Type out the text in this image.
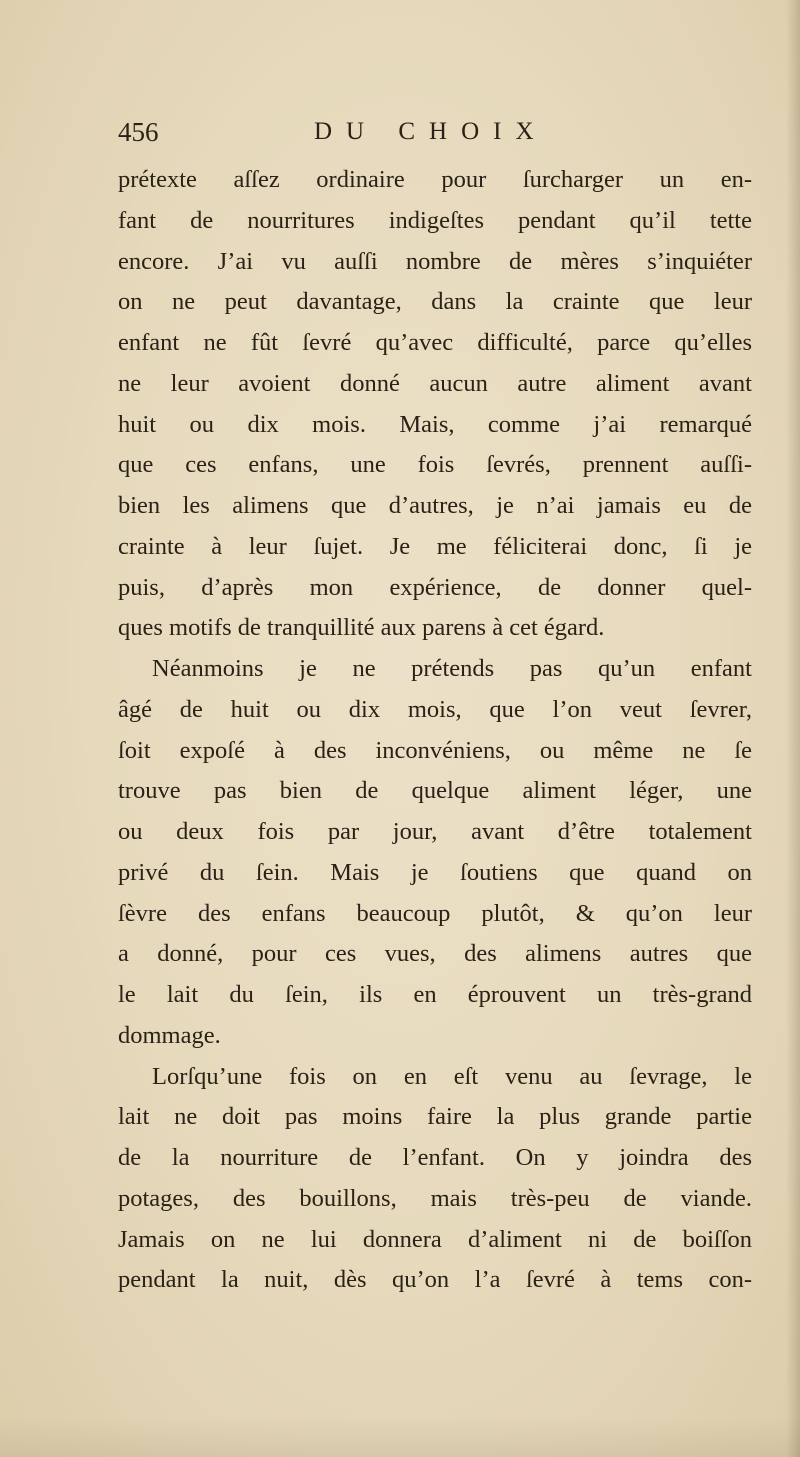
456	DU CHOIX
prétexte aſſez ordinaire pour ſurcharger un en-
fant de nourritures indigeſtes pendant qu’il tette
encore. J’ai vu auſſi nombre de mères s’inquiéter
on ne peut davantage, dans la crainte que leur
enfant ne fût ſevré qu’avec difficulté, parce qu’elles
ne leur avoient donné aucun autre aliment avant
huit ou dix mois. Mais, comme j’ai remarqué
que ces enfans, une fois ſevrés, prennent auſſi-
bien les alimens que d’autres, je n’ai jamais eu de
crainte à leur ſujet. Je me féliciterai donc, ſi je
puis, d’après mon expérience, de donner quel-
ques motifs de tranquillité aux parens à cet égard.
Néanmoins je ne prétends pas qu’un enfant
âgé de huit ou dix mois, que l’on veut ſevrer,
ſoit expoſé à des inconvéniens, ou même ne ſe
trouve pas bien de quelque aliment léger, une
ou deux fois par jour, avant d’être totalement
privé du ſein. Mais je ſoutiens que quand on
ſèvre des enfans beaucoup plutôt, & qu’on leur
a donné, pour ces vues, des alimens autres que
le lait du ſein, ils en éprouvent un très-grand
dommage.
Lorſqu’une fois on en eſt venu au ſevrage, le
lait ne doit pas moins faire la plus grande partie
de la nourriture de l’enfant. On y joindra des
potages, des bouillons, mais très-peu de viande.
Jamais on ne lui donnera d’aliment ni de boiſſon
pendant la nuit, dès qu’on l’a ſevré à tems con-
